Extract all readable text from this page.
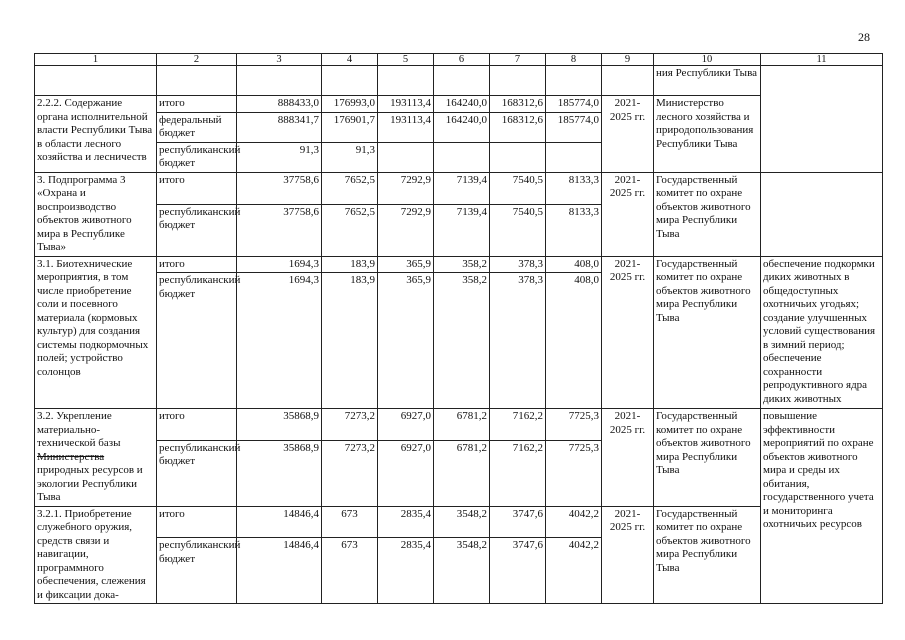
28
1	2	3	4	5	6	7	8	9	10	11
									ния Республики Тыва	
2.2.2. Содержание органа исполнительной власти Республики Тыва в области лесного хозяйства и лесничеств	итого	888433,0	176993,0	193113,4	164240,0	168312,6	185774,0	2021-2025 гг.	Министерство лесного хозяйства и природопользования Республики Тыва	
	федеральный бюджет	888341,7	176901,7	193113,4	164240,0	168312,6	185774,0			
	республиканский бюджет	91,3	91,3							
3. Подпрограмма 3 «Охрана и воспроизводство объектов животного мира в Республике Тыва»	итого	37758,6	7652,5	7292,9	7139,4	7540,5	8133,3	2021-2025 гг.	Государственный комитет по охране объектов животного мира Республики Тыва	
	республиканский бюджет	37758,6	7652,5	7292,9	7139,4	7540,5	8133,3			
3.1. Биотехнические мероприятия, в том числе приобретение соли и посевного материала (кормовых культур) для создания системы подкормочных полей; устройство солонцов	итого	1694,3	183,9	365,9	358,2	378,3	408,0	2021-2025 гг.	Государственный комитет по охране объектов животного мира Республики Тыва	обеспечение подкормки диких животных в общедоступных охотничьих угодьях; создание улучшенных условий существования в зимний период; обеспечение сохранности репродуктивного ядра диких животных
	республиканский бюджет	1694,3	183,9	365,9	358,2	378,3	408,0			
3.2. Укрепление материально-технической базы Министерства природных ресурсов и экологии Республики Тыва	итого	35868,9	7273,2	6927,0	6781,2	7162,2	7725,3	2021-2025 гг.	Государственный комитет по охране объектов животного мира Республики Тыва	повышение эффективности мероприятий по охране объектов животного мира и среды их обитания, государственного учета и мониторинга охотничьих ресурсов
	республиканский бюджет	35868,9	7273,2	6927,0	6781,2	7162,2	7725,3			
3.2.1. Приобретение служебного оружия, средств связи и навигации, программного обеспечения, слежения и фиксации дока-	итого	14846,4	673	2835,4	3548,2	3747,6	4042,2	2021-2025 гг.	Государственный комитет по охране объектов животного мира Республики Тыва	
	республиканский бюджет	14846,4	673	2835,4	3548,2	3747,6	4042,2			
